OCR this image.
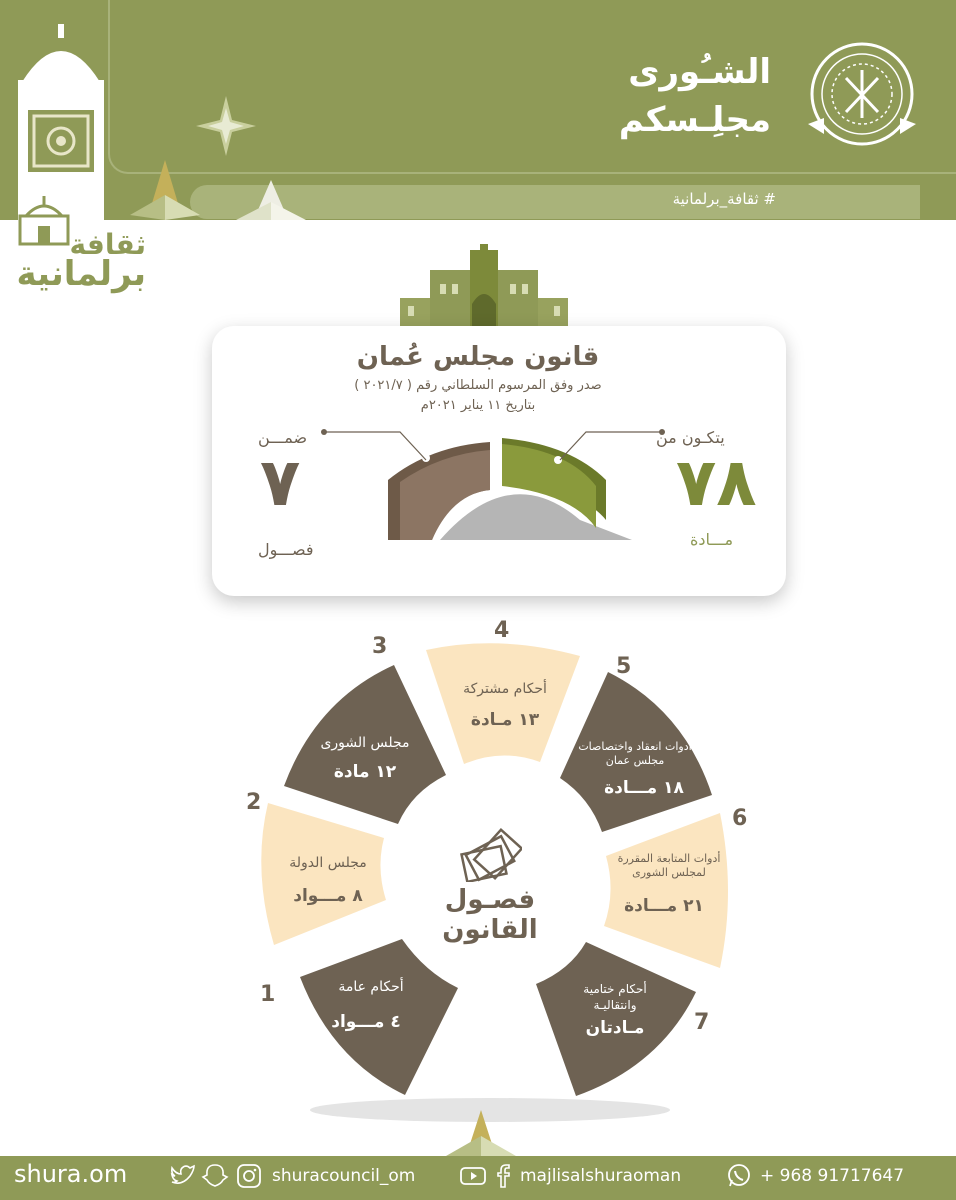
# ثقافة_برلمانية
الشـُورى
مجلِـسكم
ثقافة
برلمانية
قانون مجلس عُمان
صدر وفق المرسوم السلطاني رقم ( ٢٠٢١/٧ )
بتاريخ ١١ يناير ٢٠٢١م
يتكـون من
٧٨
مـــادة
ضمـــن
٧
فصـــول
فصـول
القانون
1
2
3
4
5
6
7
أحكام عامة
٤ مـــواد
مجلس الدولة
٨ مـــواد
مجلس الشورى
١٢ مادة
أحكام مشتركة
١٣ مـادة
أدوات انعقاد واختصاصات مجلس عمان
١٨ مـــادة
أدوات المتابعة المقررة لمجلس الشورى
٢١ مـــادة
أحكام ختامية وانتقاليـة
مـادتان
shura.om	shuracouncil_om	majlisalshuraoman	+ 968 91717647
